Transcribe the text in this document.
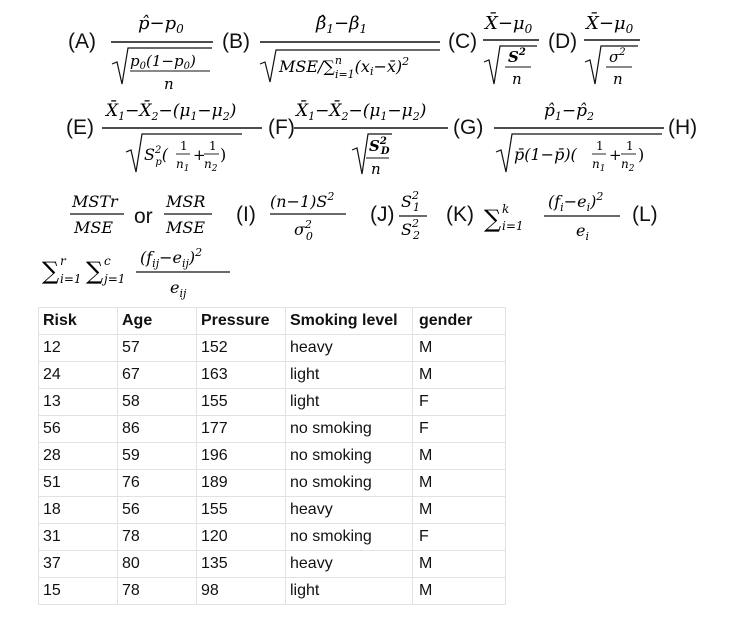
(A)
$p̂-p_0$
$p_0(1-p_0)$
n
(B)
$\betâ_1-\beta_1$
MSE/∑$^n$ i=1(xi−x̄)$^2$
(C)
$X̄-\mu_0$
$S^2$
n
(D)
$X̄-\mu_0$
$\sigma^2$
n
(E)
$X̄_1-X̄_2-(\mu_1-\mu_2)$
$S^2$ p( 1
$n_1$
+ 1
$n_2$
)
(F)
$X̄_1-X̄_2-(\mu_1-\mu_2)$
$S^2$ D
n
(G)
$p̂_1-p̂_2$
p̄(1−p̄)( 1
$n_1$
+ 1
$n_2$
)
(H)
MSTr
MSE
MSR
MSE
or	(I)
$(n-1)S^2$
$\sigma^2$ 0
(J)
$S^2$ 1
$S^2$ 2
(K) ∑ k
i=1
$(f_i-e_i)^2$
$e_i$
(L)
∑ r
i=1 ∑ c
j=1
$(f_{ij}-e_{ij})^2$
$e_{ij}$
Risk	Age	Pressure	Smoking level	gender
12	57	152	heavy	M
24	67	163	light	M
13	58	155	light	F
56	86	177	no smoking	F
28	59	196	no smoking	M
51	76	189	no smoking	M
18	56	155	heavy	M
31	78	120	no smoking	F
37	80	135	heavy	M
15	78	98	light	M
